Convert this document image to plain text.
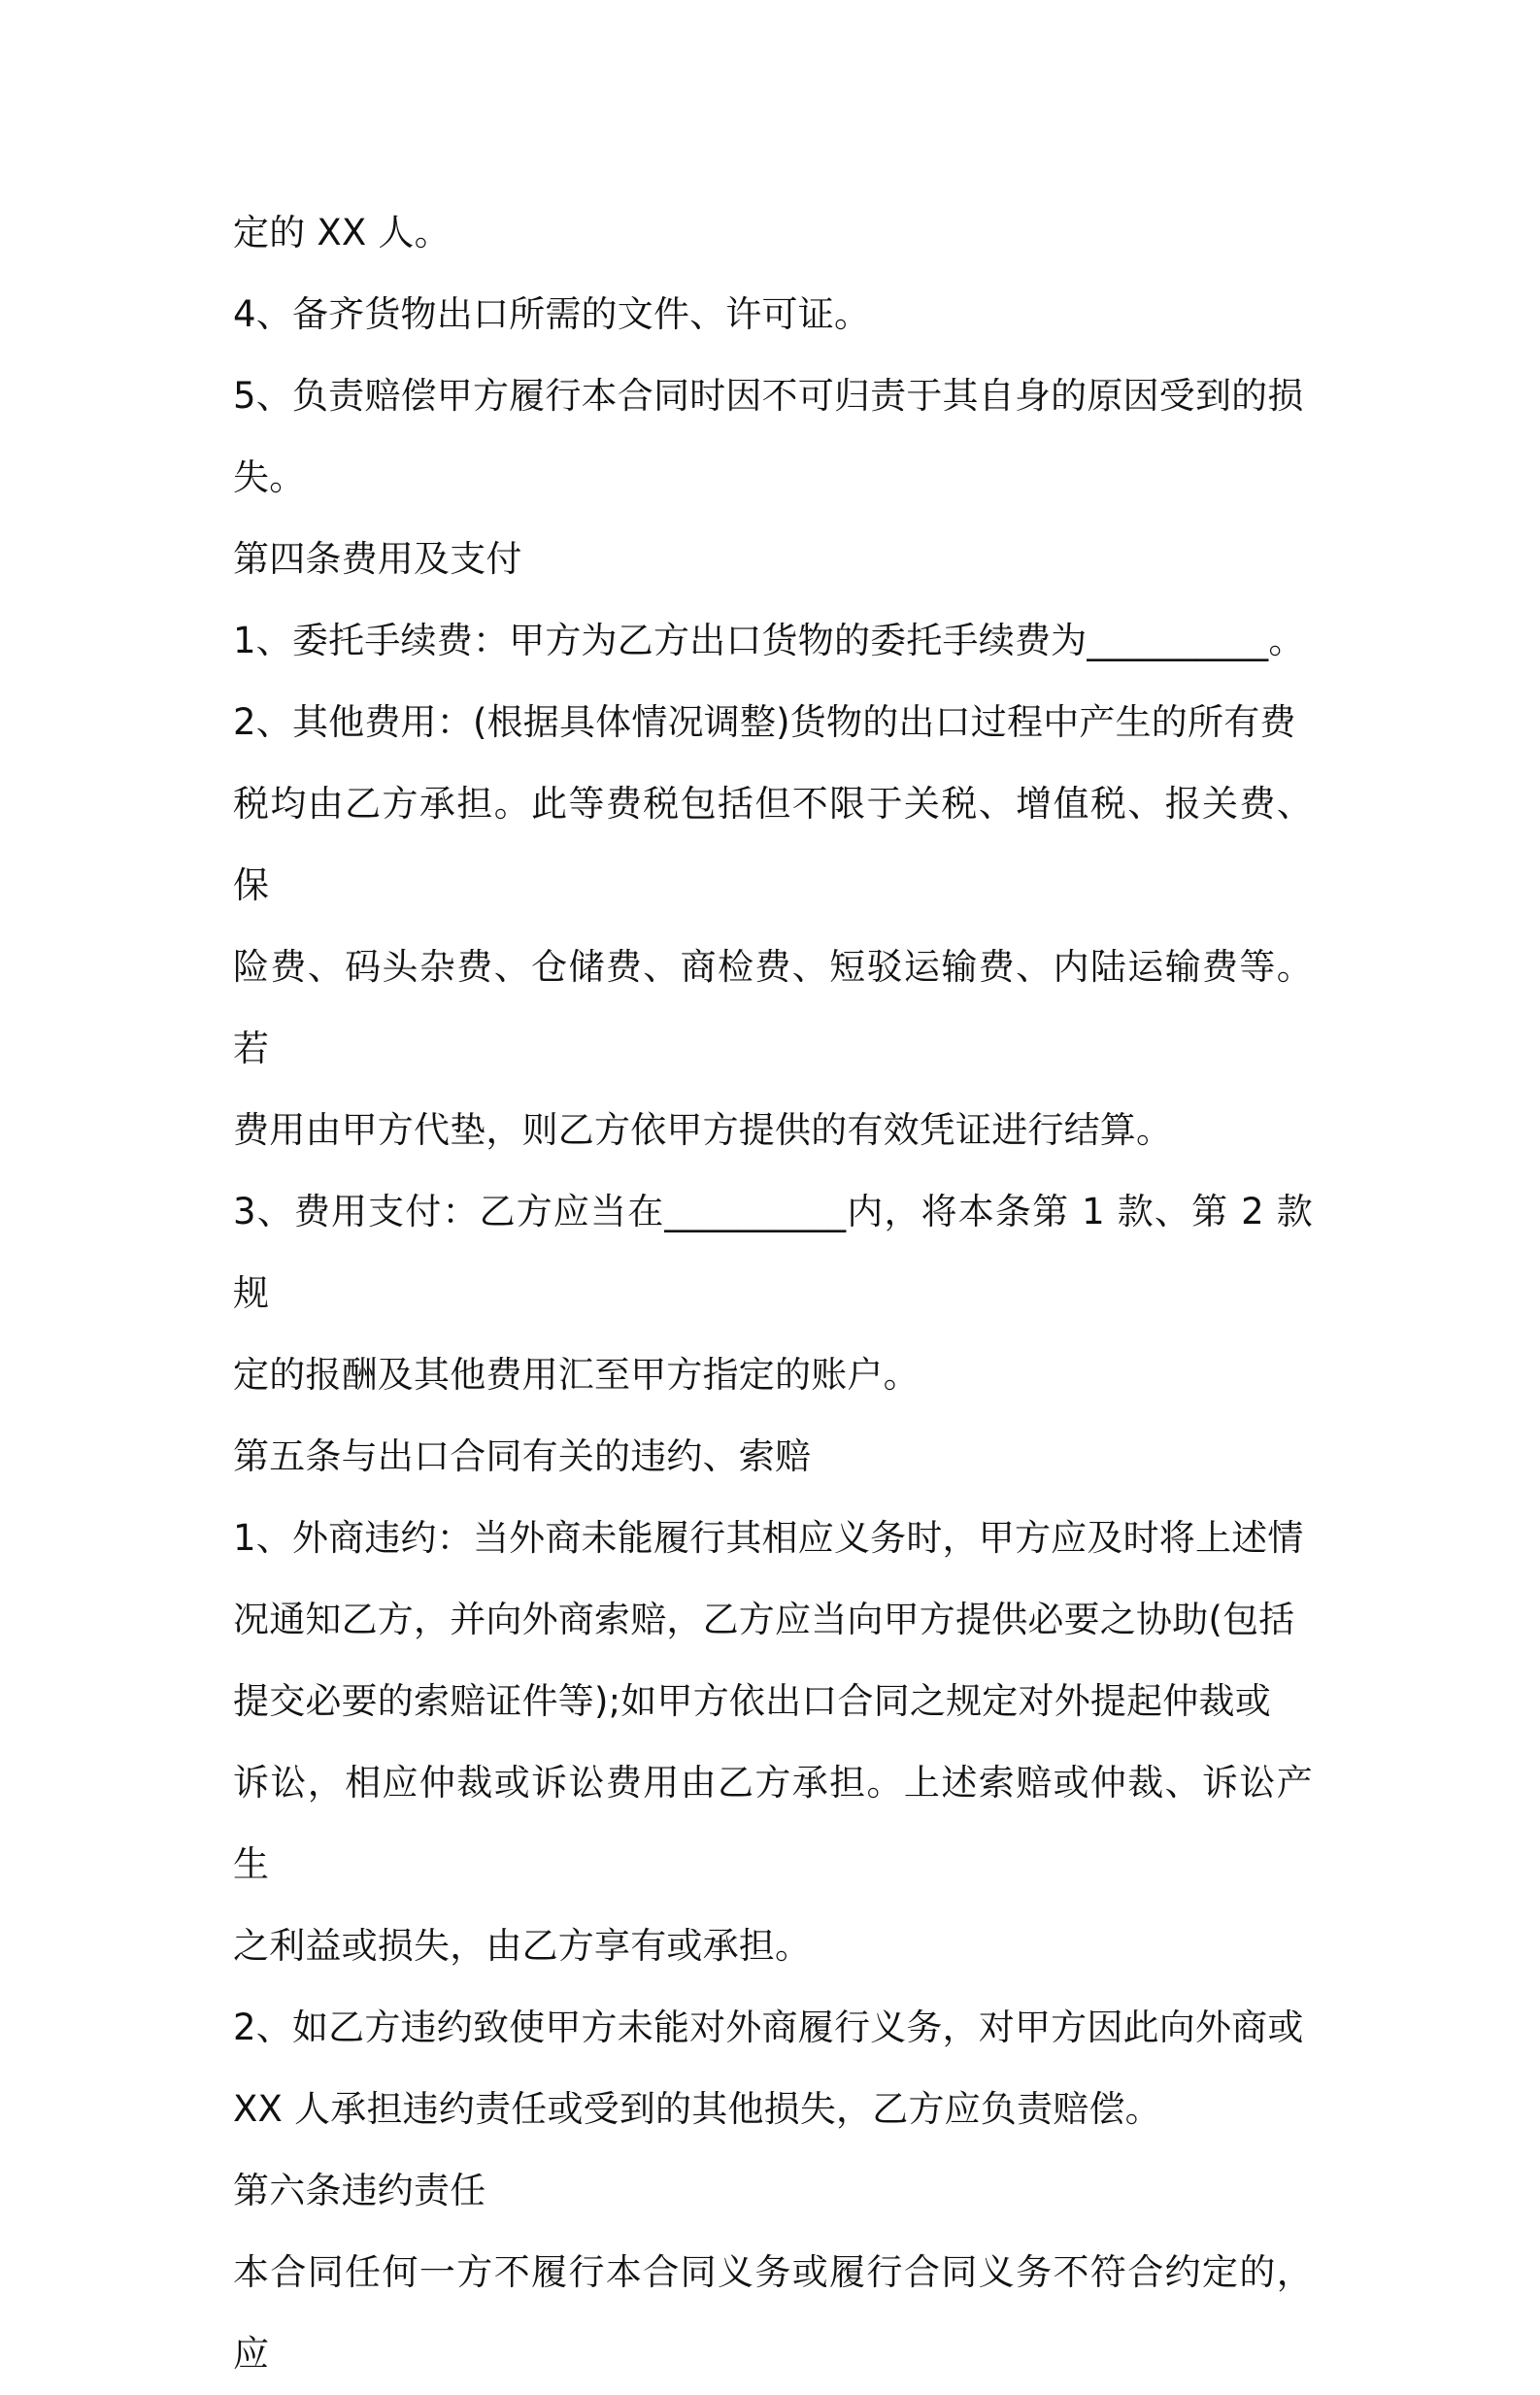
定的 XX 人。

4、备齐货物出口所需的文件、许可证。

5、负责赔偿甲方履行本合同时因不可归责于其自身的原因受到的损
失。

第四条费用及支付

1、委托手续费：甲方为乙方出口货物的委托手续费为__________。

2、其他费用：(根据具体情况调整)货物的出口过程中产生的所有费
税均由乙方承担。此等费税包括但不限于关税、增值税、报关费、保
险费、码头杂费、仓储费、商检费、短驳运输费、内陆运输费等。若
费用由甲方代垫，则乙方依甲方提供的有效凭证进行结算。

3、费用支付：乙方应当在__________内，将本条第 1 款、第 2 款规
定的报酬及其他费用汇至甲方指定的账户。

第五条与出口合同有关的违约、索赔

1、外商违约：当外商未能履行其相应义务时，甲方应及时将上述情
况通知乙方，并向外商索赔，乙方应当向甲方提供必要之协助(包括
提交必要的索赔证件等);如甲方依出口合同之规定对外提起仲裁或
诉讼，相应仲裁或诉讼费用由乙方承担。上述索赔或仲裁、诉讼产生
之利益或损失，由乙方享有或承担。

2、如乙方违约致使甲方未能对外商履行义务，对甲方因此向外商或
XX 人承担违约责任或受到的其他损失，乙方应负责赔偿。

第六条违约责任

本合同任何一方不履行本合同义务或履行合同义务不符合约定的，应
